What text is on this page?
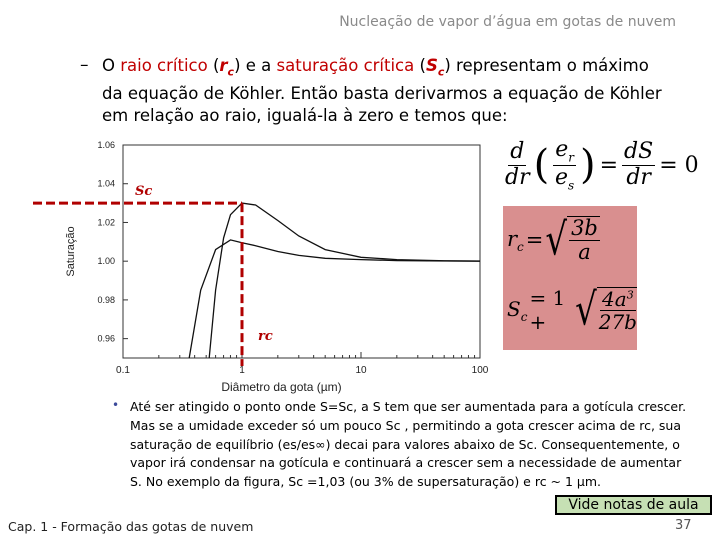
Nucleação de vapor d’água em gotas de nuvem
– O raio crítico $(r_c)$ e a saturação crítica $(S_c)$ representam o máximo da equação de Köhler. Então basta derivarmos a equação de Köhler em relação ao raio, igualá-la à zero e temos que:
1.06
1.04
1.02
1.00
0.98
0.96
0.1	1	10	100
Sc
rc
Saturação
Diâmetro da gota (µm)
$\frac{d}{dr}$ ( $\frac{e_r}{e_s}$ ) = $\frac{dS}{dr} = 0$
$r_c$ = √ $\frac{3b}{a}$
$S_c$
= 1 + √ $\frac{4a^3}{27b}$
• Até ser atingido o ponto onde S=Sc, a S tem que ser aumentada para a gotícula crescer. Mas se a umidade exceder só um pouco Sc , permitindo a gota crescer acima de rc, sua saturação de equilíbrio (es/es∞) decai para valores abaixo de Sc. Consequentemente, o vapor irá condensar na gotícula e continuará a crescer sem a necessidade de aumentar S. No exemplo da figura, Sc =1,03 (ou 3% de supersaturação) e rc ~ 1 µm.
Cap. 1 - Formação das gotas de nuvem
Vide notas de aula
37
